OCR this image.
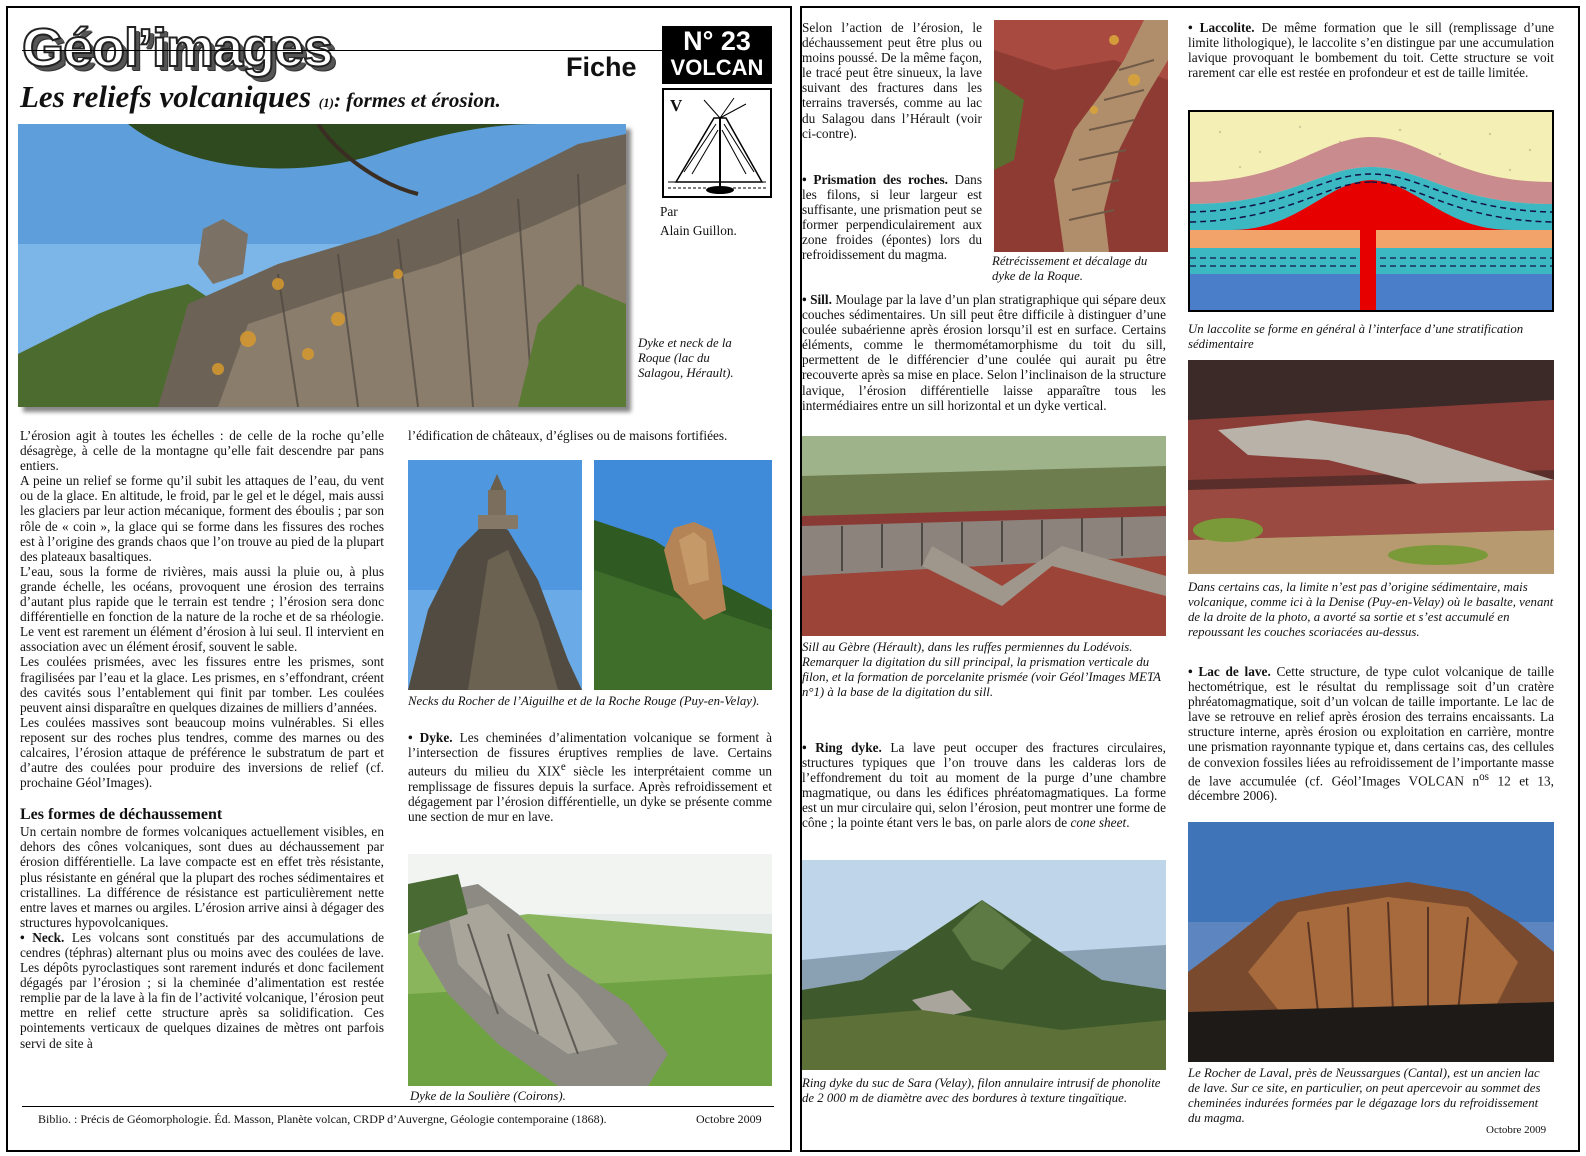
Géol’images	Fiche
N° 23
VOLCAN
V
Par
Alain Guillon.
Les reliefs volcaniques (1): formes et érosion.
Dyke et neck de la Roque (lac du Salagou, Hérault).

L’érosion agit à toutes les échelles : de celle de la roche qu’elle désagrège, à celle de la montagne qu’elle fait descendre par pans entiers.

A peine un relief se forme qu’il subit les attaques de l’eau, du vent ou de la glace. En altitude, le froid, par le gel et le dégel, mais aussi les glaciers par leur action mécanique, forment des éboulis ; par son rôle de « coin », la glace qui se forme dans les fissures des roches est à l’origine des grands chaos que l’on trouve au pied de la plupart des plateaux basaltiques.

L’eau, sous la forme de rivières, mais aussi la pluie ou, à plus grande échelle, les océans, provoquent une érosion des terrains d’autant plus rapide que le terrain est tendre ; l’érosion sera donc différentielle en fonction de la nature de la roche et de sa rhéologie. Le vent est rarement un élément d’érosion à lui seul. Il intervient en association avec un élément érosif, souvent le sable.

Les coulées prismées, avec les fissures entre les prismes, sont fragilisées par l’eau et la glace. Les prismes, en s’effondrant, créent des cavités sous l’entablement qui finit par tomber. Les coulées peuvent ainsi disparaître en quelques dizaines de milliers d’années.

Les coulées massives sont beaucoup moins vulnérables. Si elles reposent sur des roches plus tendres, comme des marnes ou des calcaires, l’érosion attaque de préférence le substratum de part et d’autre des coulées pour produire des inversions de relief (cf. prochaine Géol’Images).

Les formes de déchaussement

Un certain nombre de formes volcaniques actuellement visibles, en dehors des cônes volcaniques, sont dues au déchaussement par érosion différentielle. La lave compacte est en effet très résistante, plus résistante en général que la plupart des roches sédimentaires et cristallines. La différence de résistance est particulièrement nette entre laves et marnes ou argiles. L’érosion arrive ainsi à dégager des structures hypovolcaniques.

• Neck. Les volcans sont constitués par des accumulations de cendres (téphras) alternant plus ou moins avec des coulées de lave. Les dépôts pyroclastiques sont rarement indurés et donc facilement dégagés par l’érosion ; si la cheminée d’alimentation est restée remplie par de la lave à la fin de l’activité volcanique, l’érosion peut mettre en relief cette structure après sa solidification. Ces pointements verticaux de quelques dizaines de mètres ont parfois servi de site à

l’édification de châteaux, d’églises ou de maisons fortifiées.
Necks du Rocher de l’Aiguilhe et de la Roche Rouge (Puy-en-Velay).

• Dyke. Les cheminées d’alimentation volcanique se forment à l’intersection de fissures éruptives remplies de lave. Certains auteurs du milieu du XIXe siècle les interprétaient comme un remplissage de fissures depuis la surface. Après refroidissement et dégagement par l’érosion différentielle, un dyke se présente comme une section de mur en lave.

Dyke de la Soulière (Coirons).
Biblio. : Précis de Géomorphologie. Éd. Masson, Planète volcan, CRDP d’Auvergne, Géologie contemporaine (1868).	Octobre 2009
Selon l’action de l’érosion, le déchaussement peut être plus ou moins poussé. De la même façon, le tracé peut être sinueux, la lave suivant des fractures dans les terrains traversés, comme au lac du Salagou dans l’Hérault (voir ci-contre).

• Prismation des roches. Dans les filons, si leur largeur est suffisante, une prismation peut se former perpendiculairement aux zone froides (épontes) lors du refroidissement du magma.	Rétrécissement et décalage du dyke de la Roque.

• Sill. Moulage par la lave d’un plan stratigraphique qui sépare deux couches sédimentaires. Un sill peut être difficile à distinguer d’une coulée subaérienne après érosion lorsqu’il est en surface. Certains éléments, comme le thermométamorphisme du toit du sill, permettent de le différencier d’une coulée qui aurait pu être recouverte après sa mise en place. Selon l’inclinaison de la structure lavique, l’érosion différentielle laisse apparaître tous les intermédiaires entre un sill horizontal et un dyke vertical.

Sill au Gèbre (Hérault), dans les ruffes permiennes du Lodévois. Remarquer la digitation du sill principal, la prismation verticale du filon, et la formation de porcelanite prismée (voir Géol’Images META n°1) à la base de la digitation du sill.

• Ring dyke. La lave peut occuper des fractures circulaires, structures typiques que l’on trouve dans les calderas lors de l’effondrement du toit au moment de la purge d’une chambre magmatique, ou dans les édifices phréatomagmatiques. La forme est un mur circulaire qui, selon l’érosion, peut montrer une forme de cône ; la pointe étant vers le bas, on parle alors de cone sheet.

Ring dyke du suc de Sara (Velay), filon annulaire intrusif de phonolite de 2 000 m de diamètre avec des bordures à texture tingaïtique.

• Laccolite. De même formation que le sill (remplissage d’une limite lithologique), le laccolite s’en distingue par une accumulation lavique provoquant le bombement du toit. Cette structure se voit rarement car elle est restée en profondeur et est de taille limitée.

Un laccolite se forme en général à l’interface d’une stratification sédimentaire
Dans certains cas, la limite n’est pas d’origine sédimentaire, mais volcanique, comme ici à la Denise (Puy-en-Velay) où le basalte, venant de la droite de la photo, a avorté sa sortie et s’est accumulé en repoussant les couches scoriacées au-dessus.

• Lac de lave. Cette structure, de type culot volcanique de taille hectométrique, est le résultat du remplissage soit d’un cratère phréatomagmatique, soit d’un volcan de taille importante. Le lac de lave se retrouve en relief après érosion des terrains encaissants. La structure interne, après érosion ou exploitation en carrière, montre une prismation rayonnante typique et, dans certains cas, des cellules de convexion fossiles liées au refroidissement de l’importante masse de lave accumulée (cf. Géol’Images VOLCAN $n^{os}$ 12 et 13, décembre 2006).

Le Rocher de Laval, près de Neussargues (Cantal), est un ancien lac de lave. Sur ce site, en particulier, on peut apercevoir au sommet des cheminées indurées formées par le dégazage lors du refroidissement du magma.
Octobre 2009
